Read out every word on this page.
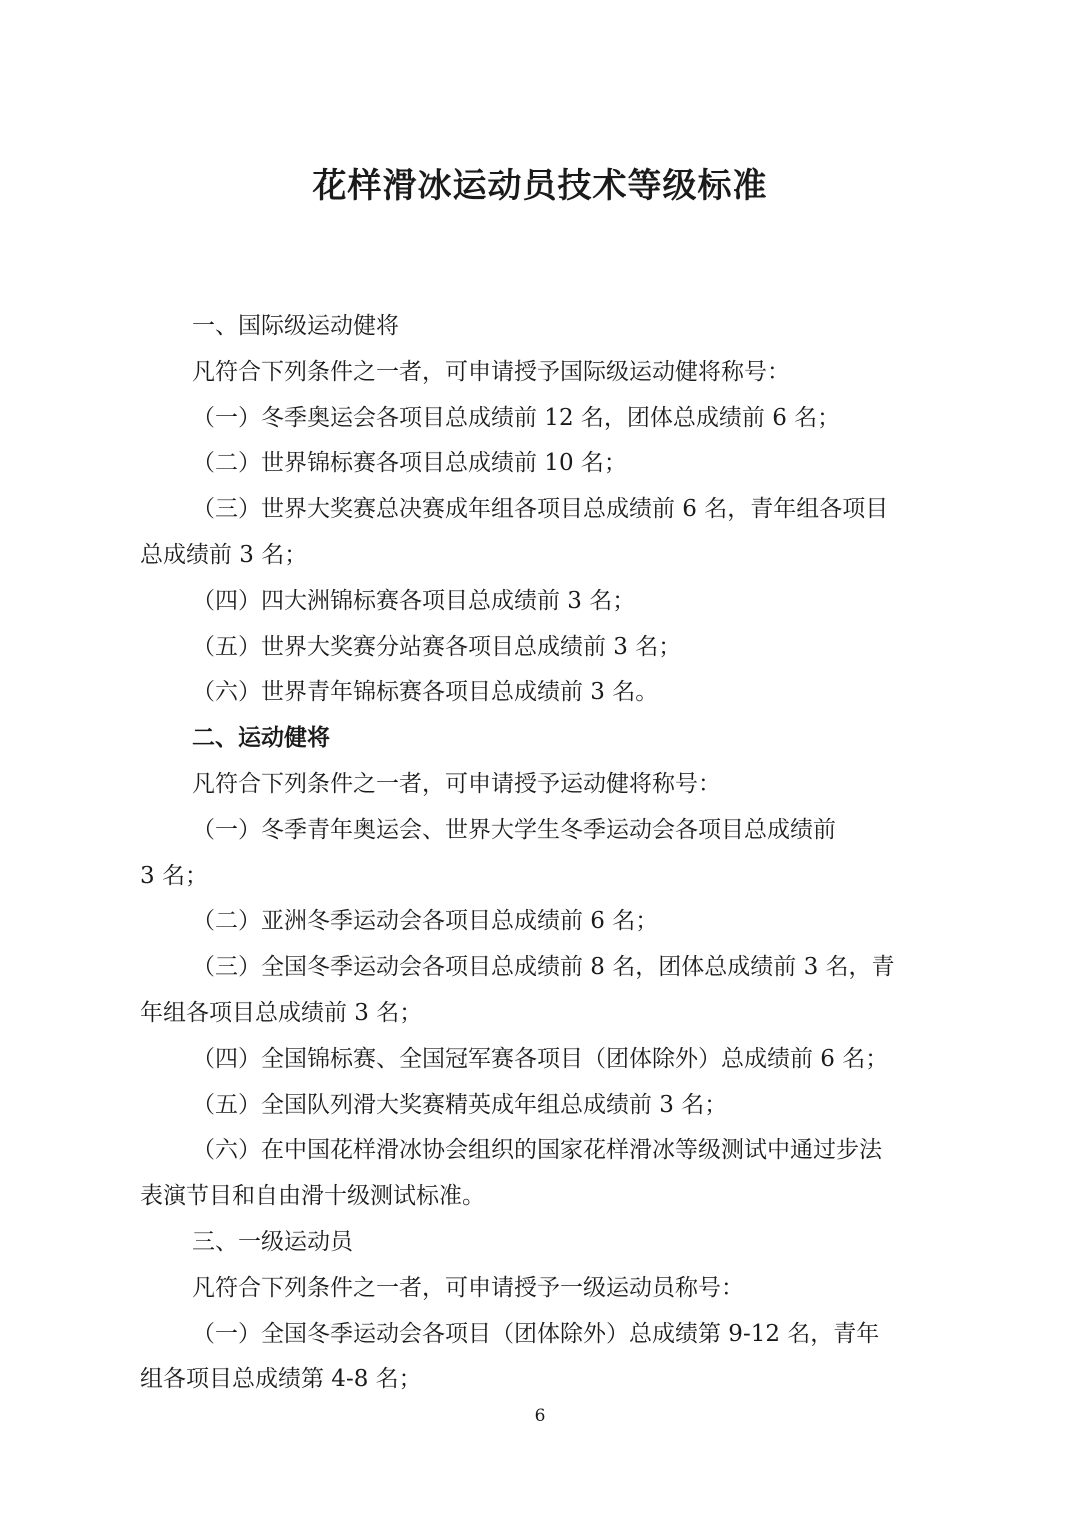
花样滑冰运动员技术等级标准
一、国际级运动健将
凡符合下列条件之一者，可申请授予国际级运动健将称号：
（一）冬季奥运会各项目总成绩前 12 名，团体总成绩前 6 名；
（二）世界锦标赛各项目总成绩前 10 名；
（三）世界大奖赛总决赛成年组各项目总成绩前 6 名，青年组各项目
总成绩前 3 名；
（四）四大洲锦标赛各项目总成绩前 3 名；
（五）世界大奖赛分站赛各项目总成绩前 3 名；
（六）世界青年锦标赛各项目总成绩前 3 名。
二、运动健将
凡符合下列条件之一者，可申请授予运动健将称号：
（一）冬季青年奥运会、世界大学生冬季运动会各项目总成绩前
3 名；
（二）亚洲冬季运动会各项目总成绩前 6 名；
（三）全国冬季运动会各项目总成绩前 8 名，团体总成绩前 3 名，青
年组各项目总成绩前 3 名；
（四）全国锦标赛、全国冠军赛各项目（团体除外）总成绩前 6 名；
（五）全国队列滑大奖赛精英成年组总成绩前 3 名；
（六）在中国花样滑冰协会组织的国家花样滑冰等级测试中通过步法
表演节目和自由滑十级测试标准。
三、一级运动员
凡符合下列条件之一者，可申请授予一级运动员称号：
（一）全国冬季运动会各项目（团体除外）总成绩第 9-12 名，青年
组各项目总成绩第 4-8 名；
6
